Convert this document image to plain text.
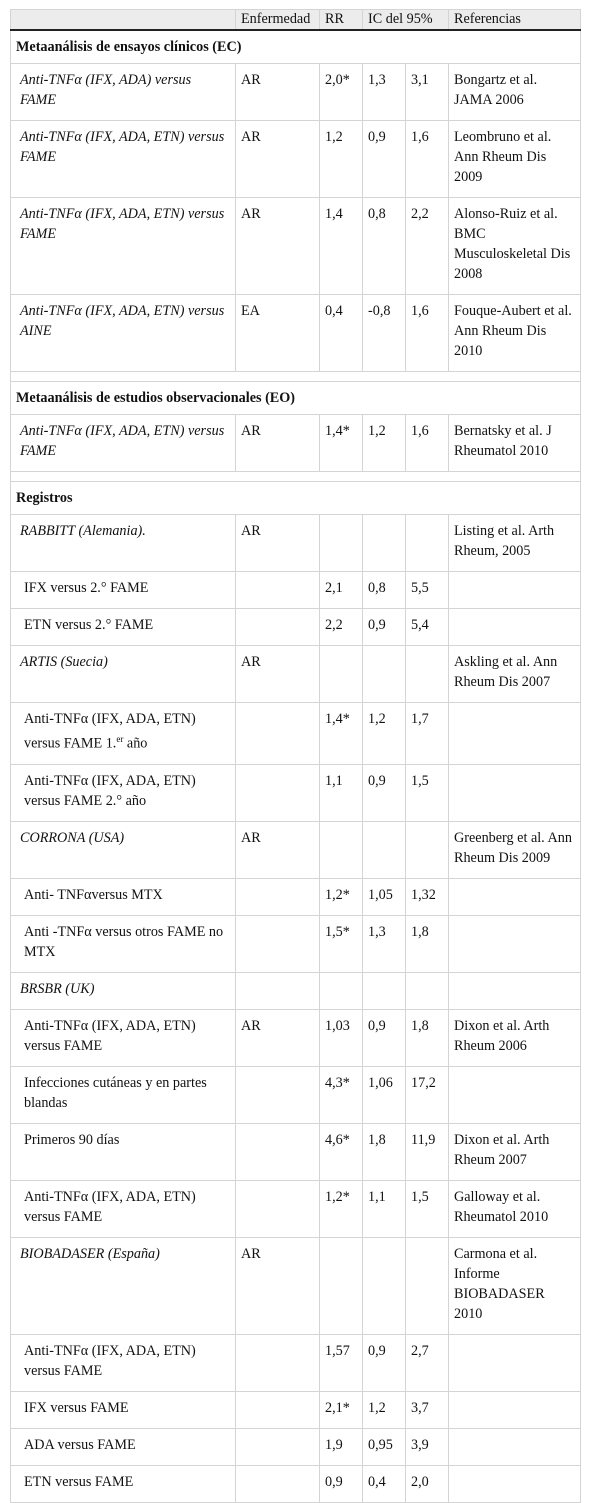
	Enfermedad	RR	IC del 95%		Referencias
Metaanálisis de ensayos clínicos (EC)					
Anti-TNFα (IFX, ADA) versus FAME	AR	2,0*	1,3	3,1	Bongartz et al. JAMA 2006
Anti-TNFα (IFX, ADA, ETN) versus FAME	AR	1,2	0,9	1,6	Leombruno et al. Ann Rheum Dis 2009
Anti-TNFα (IFX, ADA, ETN) versus FAME	AR	1,4	0,8	2,2	Alonso-Ruiz et al. BMC Musculoskeletal Dis 2008
Anti-TNFα (IFX, ADA, ETN) versus AINE	EA	0,4	-0,8	1,6	Fouque-Aubert et al. Ann Rheum Dis 2010

Metaanálisis de estudios observacionales (EO)					
Anti-TNFα (IFX, ADA, ETN) versus FAME	AR	1,4*	1,2	1,6	Bernatsky et al. J Rheumatol 2010

Registros					
RABBITT (Alemania).	AR				Listing et al. Arth Rheum, 2005
IFX versus 2.° FAME		2,1	0,8	5,5	
ETN versus 2.° FAME		2,2	0,9	5,4	
ARTIS (Suecia)	AR				Askling et al. Ann Rheum Dis 2007
Anti-TNFα (IFX, ADA, ETN) versus FAME 1.$^{er}$ año		1,4*	1,2	1,7	
Anti-TNFα (IFX, ADA, ETN) versus FAME 2.° año		1,1	0,9	1,5	
CORRONA (USA)	AR				Greenberg et al. Ann Rheum Dis 2009
Anti- TNFαversus MTX		1,2*	1,05	1,32	
Anti -TNFα versus otros FAME no MTX		1,5*	1,3	1,8	
BRSBR (UK)					
Anti-TNFα (IFX, ADA, ETN) versus FAME	AR	1,03	0,9	1,8	Dixon et al. Arth Rheum 2006
Infecciones cutáneas y en partes blandas		4,3*	1,06	17,2	
Primeros 90 días		4,6*	1,8	11,9	Dixon et al. Arth Rheum 2007
Anti-TNFα (IFX, ADA, ETN) versus FAME		1,2*	1,1	1,5	Galloway et al. Rheumatol 2010
BIOBADASER (España)	AR				Carmona et al. Informe BIOBADASER 2010
Anti-TNFα (IFX, ADA, ETN) versus FAME		1,57	0,9	2,7	
IFX versus FAME		2,1*	1,2	3,7	
ADA versus FAME		1,9	0,95	3,9	
ETN versus FAME		0,9	0,4	2,0	
